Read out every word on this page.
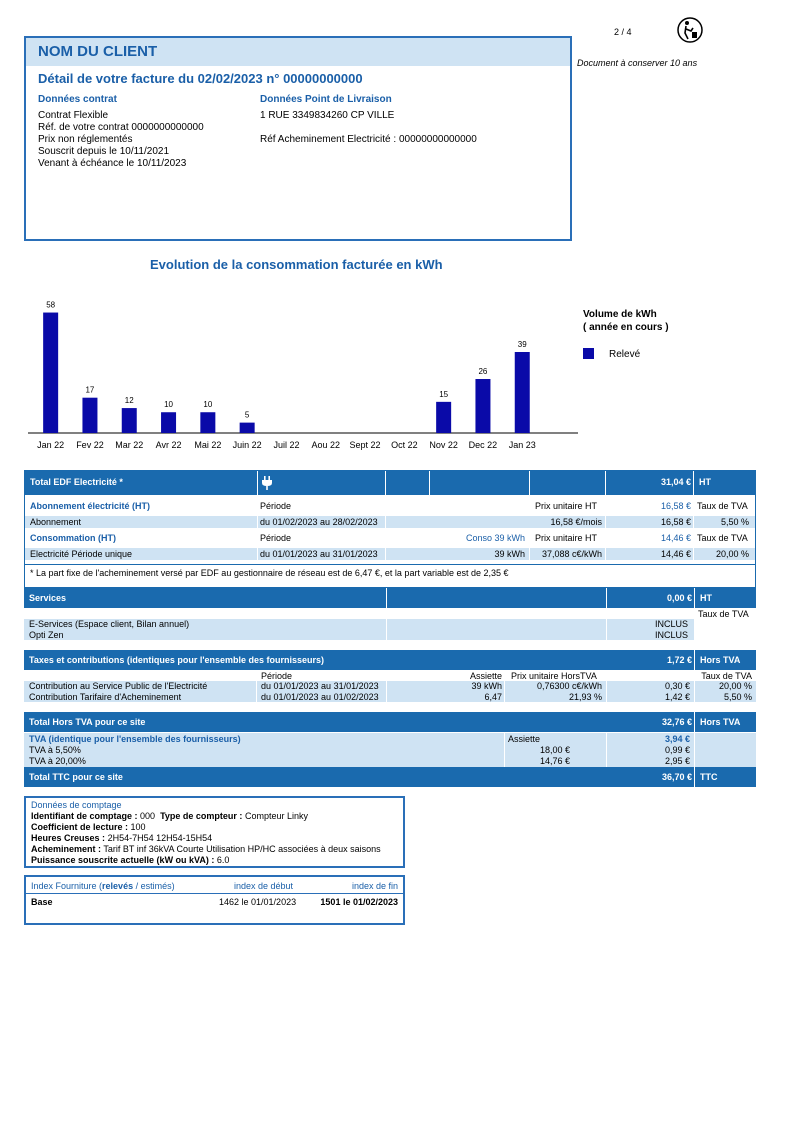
2 / 4
Document à conserver 10 ans
NOM DU CLIENT
Détail de votre facture du 02/02/2023 n° 00000000000
Données contrat
Contrat Flexible
Réf. de votre contrat 0000000000000
Prix non réglementés
Souscrit depuis le 10/11/2021
Venant à échéance le 10/11/2023
Données Point de Livraison
1 RUE 3349834260 CP VILLE
Réf Acheminement Electricité : 00000000000000
Evolution de la consommation facturée en kWh
Jan 22
58
Fev 22
17
Mar 22
12
Avr 22
10
Mai 22
10
Juin 22
5
Juil 22 Aou 22 Sept 22 Oct 22 Nov 22
15
Dec 22
26
Jan 23
39
Volume de kWh
( année en cours )
Relevé
Total EDF Electricité *	31,04 € HT
Abonnement électricité (HT)	Période	Prix unitaire HT	16,58 € Taux de TVA
Abonnement	du 01/02/2023 au 28/02/2023	16,58 €/mois	16,58 €	5,50 %
Consommation (HT)	Période	Conso 39 kWh Prix unitaire HT	14,46 € Taux de TVA
Electricité Période unique	du 01/01/2023 au 31/01/2023	39 kWh 37,088 c€/kWh	14,46 €	20,00 %
* La part fixe de l'acheminement versé par EDF au gestionnaire de réseau est de 6,47 €, et la part variable est de 2,35 €
Services	0,00 € HT
Taux de TVA
E-Services (Espace client, Bilan annuel)	INCLUS
Opti Zen	INCLUS
Taxes et contributions (identiques pour l'ensemble des fournisseurs)	1,72 € Hors TVA
Période	Assiette Prix unitaire HorsTVA	Taux de TVA
Contribution au Service Public de l'Electricité	du 01/01/2023 au 31/01/2023	39 kWh	0,76300 c€/kWh	0,30 €	20,00 %
Contribution Tarifaire d'Acheminement	du 01/01/2023 au 01/02/2023	6,47	21,93 %	1,42 €	5,50 %
Total Hors TVA pour ce site	32,76 € Hors TVA
TVA (identique pour l'ensemble des fournisseurs)	Assiette	3,94 €
TVA à 5,50%	18,00 €	0,99 €
TVA à 20,00%	14,76 €	2,95 €
Total TTC pour ce site	36,70 € TTC
Données de comptage
Identifiant de comptage : 000 Type de compteur : Compteur Linky
Coefficient de lecture : 100
Heures Creuses : 2H54-7H54 12H54-15H54
Acheminement : Tarif BT inf 36kVA Courte Utilisation HP/HC associées à deux saisons
Puissance souscrite actuelle (kW ou kVA) : 6.0
Index Fourniture (relevés / estimés)	index de début	index de fin
Base	1462 le 01/01/2023	1501 le 01/02/2023
